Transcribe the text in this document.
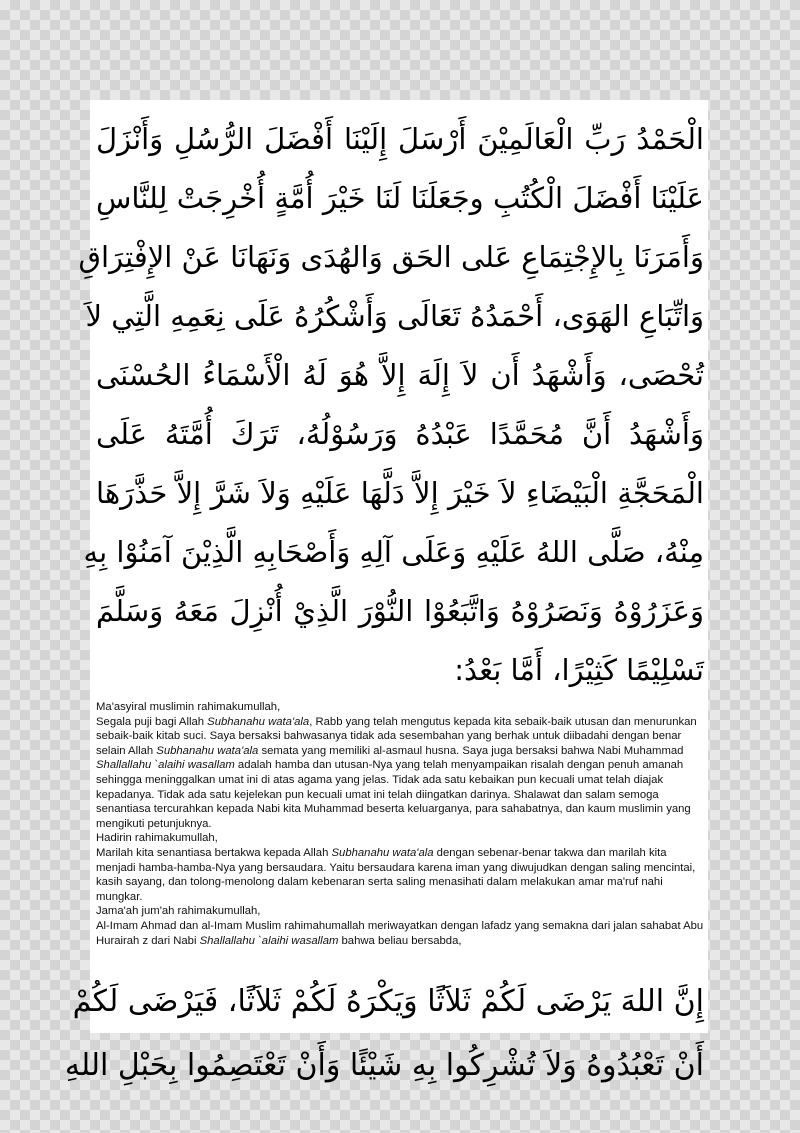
الْحَمْدُ رَبِّ الْعَالَمِيْنَ أَرْسَلَ إِلَيْنَا أَفْضَلَ الرُّسُلِ وَأَنْزَلَ
عَلَيْنَا أَفْضَلَ الْكُتُبِ وجَعَلَنَا لَنَا خَيْرَ أُمَّةٍ أُخْرِجَتْ لِلنَّاسِ
وَأَمَرَنَا بِالإِجْتِمَاعِ عَلى الحَق وَالهُدَى وَنَهَانَا عَنْ الإِفْتِرَاقِ
وَاتِّبَاعِ الهَوَى، أَحْمَدُهُ تَعَالَى وَأَشْكُرُهُ عَلَى نِعَمِهِ الَّتِي لاَ
تُحْصَى، وَأَشْهَدُ أَن لاَ إِلَهَ إِلاَّ هُوَ لَهُ الْأَسْمَاءُ الحُسْنَى
وَأَشْهَدُ أَنَّ مُحَمَّدًا عَبْدُهُ وَرَسُوْلُهُ، تَرَكَ أُمَّتَهُ عَلَى
الْمَحَجَّةِ الْبَيْضَاءِ لاَ خَيْرَ إِلاَّ دَلَّهَا عَلَيْهِ وَلاَ شَرَّ إِلاَّ حَذَّرَهَا
مِنْهُ، صَلَّى اللهُ عَلَيْهِ وَعَلَى آلِهِ وَأَصْحَابِهِ الَّذِيْنَ آمَنُوْا بِهِ
وَعَزَرُوْهُ وَنَصَرُوْهُ وَاتَّبَعُوْا النُّوْرَ الَّذِيْ أُنْزِلَ مَعَهُ وَسَلَّمَ
تَسْلِيْمًا كَثِيْرًا، أَمَّا بَعْدُ:

Ma'asyiral muslimin rahimakumullah,

Segala puji bagi Allah Subhanahu wata'ala, Rabb yang telah mengutus kepada kita sebaik-baik utusan dan menurunkan sebaik-baik kitab suci. Saya bersaksi bahwasanya tidak ada sesembahan yang berhak untuk diibadahi dengan benar selain Allah Subhanahu wata'ala semata yang memiliki al-asmaul husna. Saya juga bersaksi bahwa Nabi Muhammad Shallallahu `alaihi wasallam adalah hamba dan utusan-Nya yang telah menyampaikan risalah dengan penuh amanah sehingga meninggalkan umat ini di atas agama yang jelas. Tidak ada satu kebaikan pun kecuali umat telah diajak kepadanya. Tidak ada satu kejelekan pun kecuali umat ini telah diingatkan darinya. Shalawat dan salam semoga senantiasa tercurahkan kepada Nabi kita Muhammad beserta keluarganya, para sahabatnya, dan kaum muslimin yang mengikuti petunjuknya.

Hadirin rahimakumullah,

Marilah kita senantiasa bertakwa kepada Allah Subhanahu wata'ala dengan sebenar-benar takwa dan marilah kita menjadi hamba-hamba-Nya yang bersaudara. Yaitu bersaudara karena iman yang diwujudkan dengan saling mencintai, kasih sayang, dan tolong-menolong dalam kebenaran serta saling menasihati dalam melakukan amar ma'ruf nahi mungkar.

Jama'ah jum'ah rahimakumullah,

Al-Imam Ahmad dan al-Imam Muslim rahimahumallah meriwayatkan dengan lafadz yang semakna dari jalan sahabat Abu Hurairah z dari Nabi Shallallahu `alaihi wasallam bahwa beliau bersabda,

إِنَّ اللهَ يَرْضَى لَكُمْ ثَلاَثًا وَيَكْرَهُ لَكُمْ ثَلاَثًا، فَيَرْضَى لَكُمْ
أَنْ تَعْبُدُوهُ وَلاَ تُشْرِكُوا بِهِ شَيْئًا وَأَنْ تَعْتَصِمُوا بِحَبْلِ اللهِ
